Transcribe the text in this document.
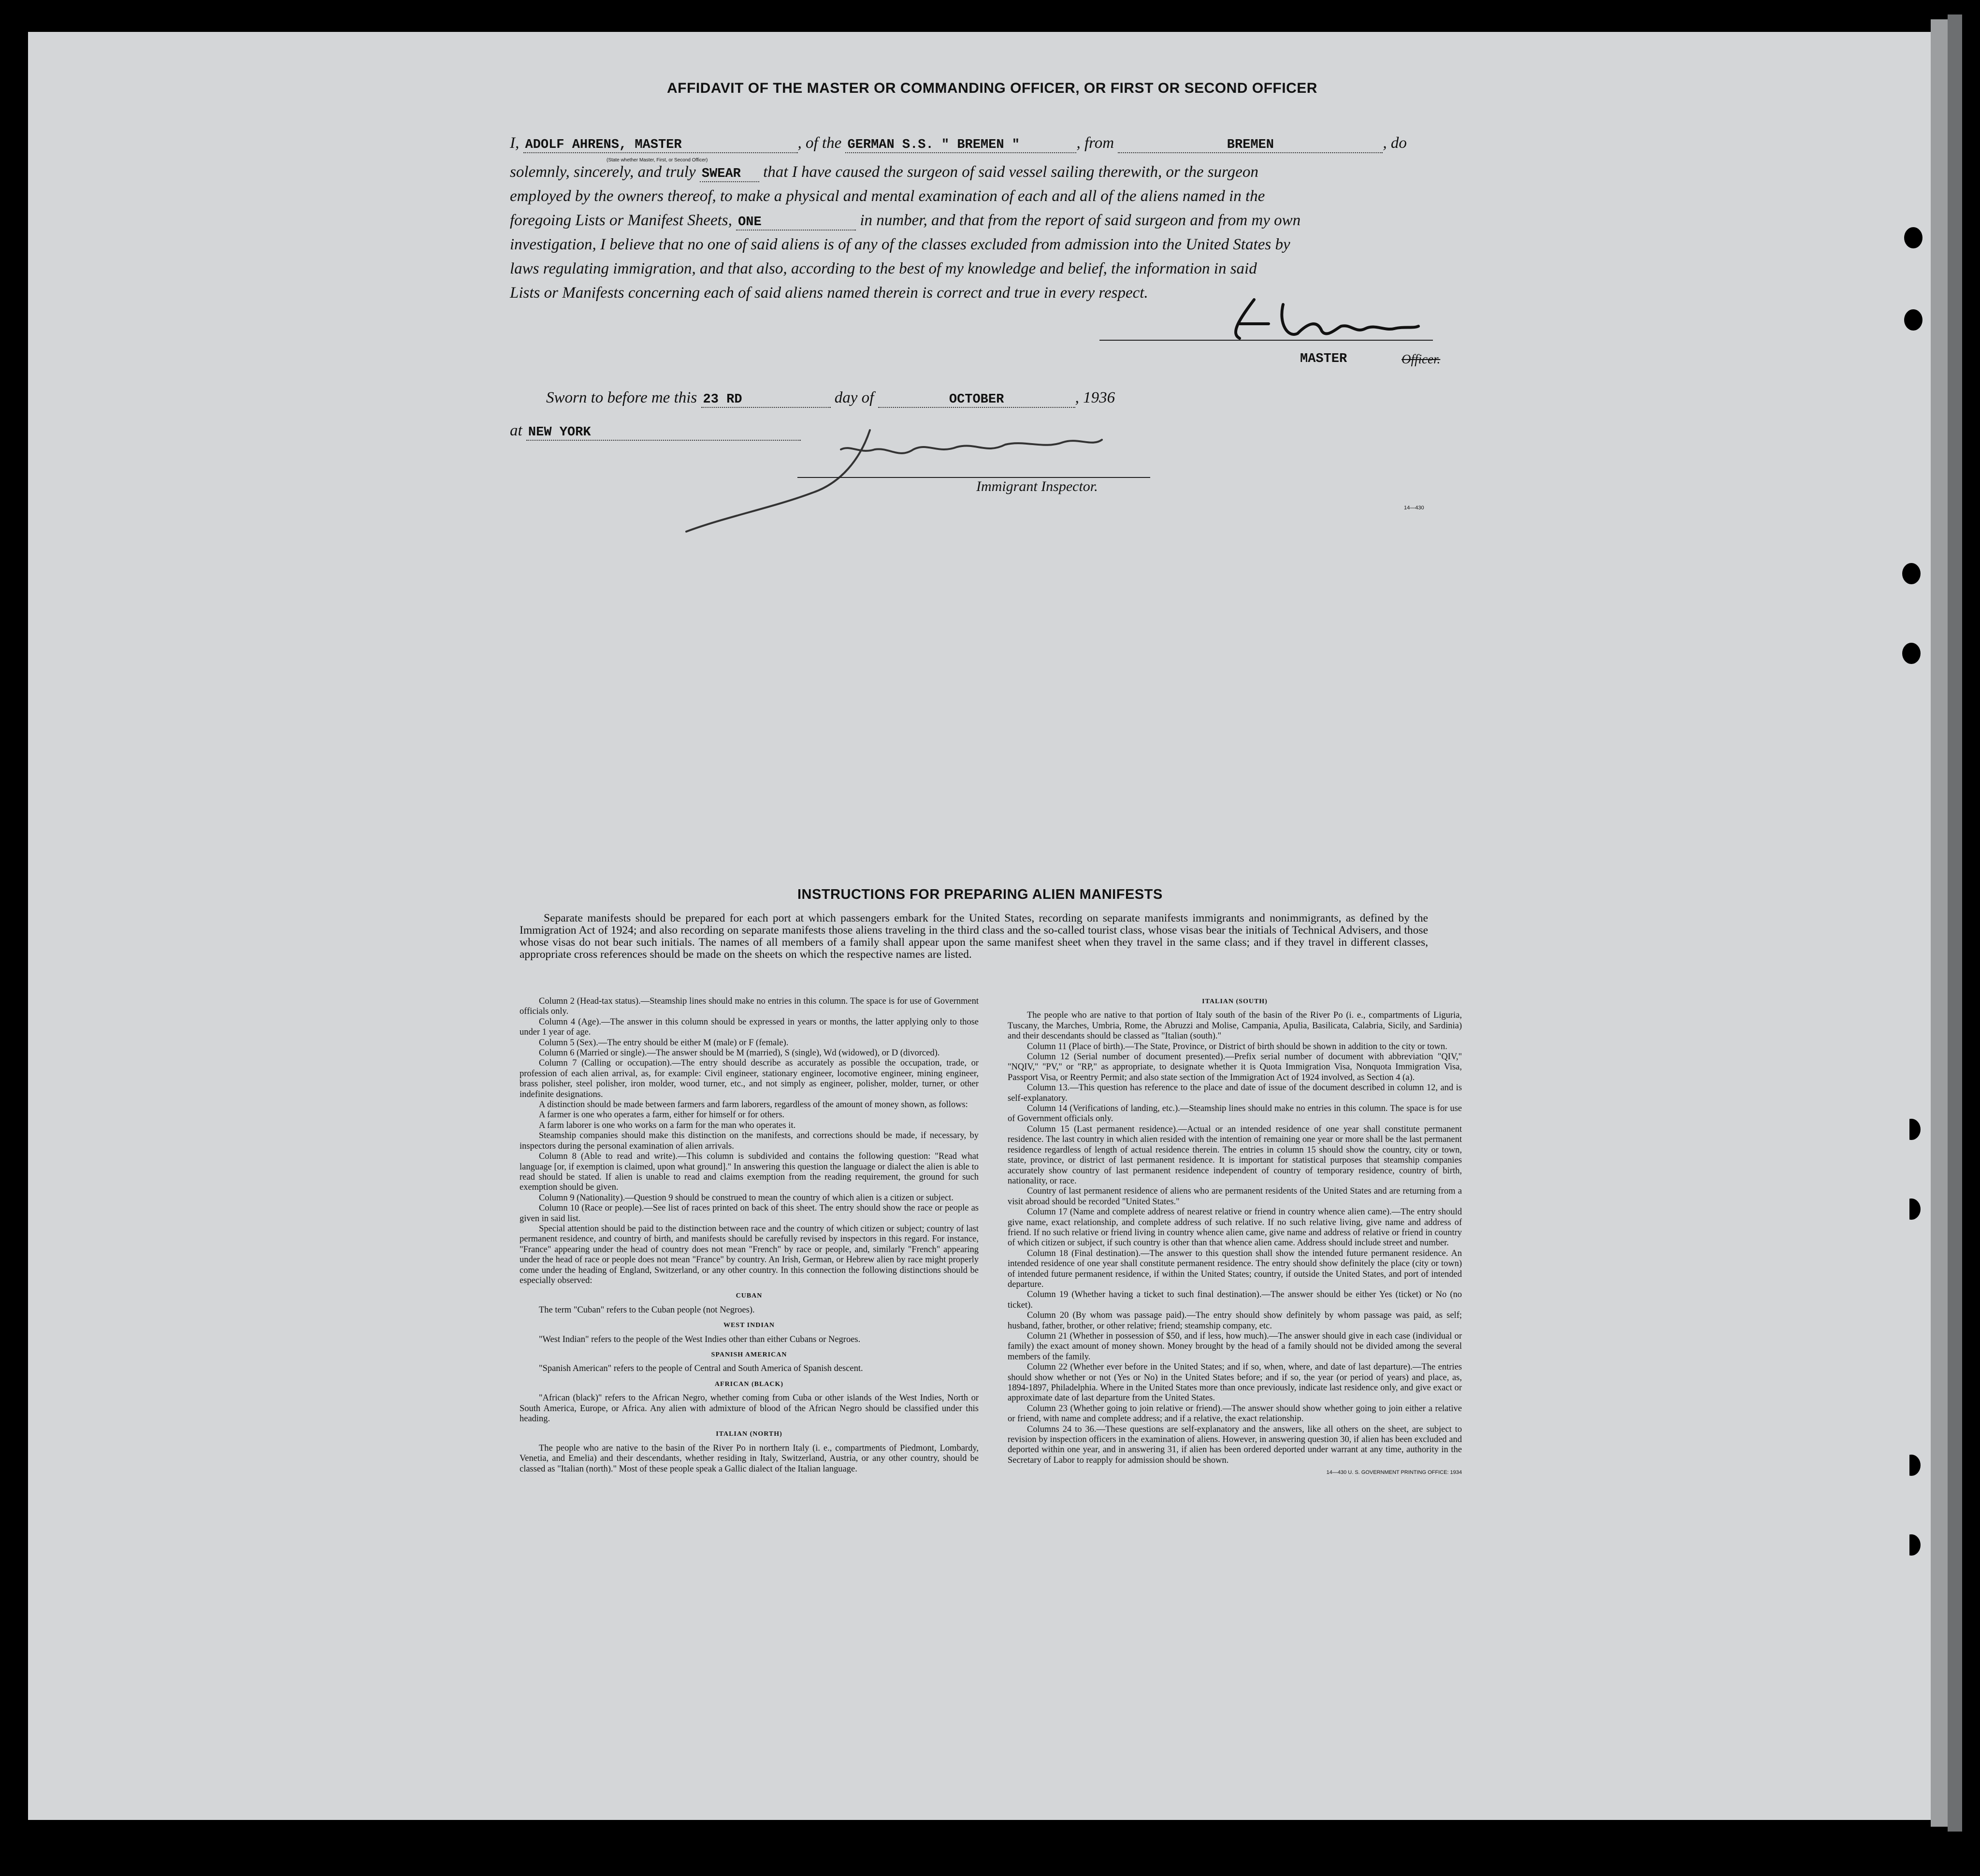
AFFIDAVIT OF THE MASTER OR COMMANDING OFFICER, OR FIRST OR SECOND OFFICER
I, ADOLF AHRENS, MASTER	, of the GERMAN S.S. " BREMEN "	, from	BREMEN	, do
(State whether Master, First, or Second Officer)
solemnly, sincerely, and truly SWEAR that I have caused the surgeon of said vessel sailing therewith, or the surgeon
employed by the owners thereof, to make a physical and mental examination of each and all of the aliens named in the
foregoing Lists or Manifest Sheets, ONE	in number, and that from the report of said surgeon and from my own
investigation, I believe that no one of said aliens is of any of the classes excluded from admission into the United States by
laws regulating immigration, and that also, according to the best of my knowledge and belief, the information in said
Lists or Manifests concerning each of said aliens named therein is correct and true in every respect.
MASTER	Officer.
Sworn to before me this 23 RD	day of	OCTOBER	, 1936
at NEW YORK
Immigrant Inspector.
14—430
INSTRUCTIONS FOR PREPARING ALIEN MANIFESTS

Separate manifests should be prepared for each port at which passengers embark for the United States, recording on separate manifests immigrants and nonimmigrants, as defined by the Immigration Act of 1924; and also recording on separate manifests those aliens traveling in the third class and the so-called tourist class, whose visas bear the initials of Technical Advisers, and those whose visas do not bear such initials. The names of all members of a family shall appear upon the same manifest sheet when they travel in the same class; and if they travel in different classes, appropriate cross references should be made on the sheets on which the respective names are listed.

Column 2 (Head-tax status).—Steamship lines should make no entries in this column. The space is for use of Government officials only.

Column 4 (Age).—The answer in this column should be expressed in years or months, the latter applying only to those under 1 year of age.

Column 5 (Sex).—The entry should be either M (male) or F (female).

Column 6 (Married or single).—The answer should be M (married), S (single), Wd (widowed), or D (divorced).

Column 7 (Calling or occupation).—The entry should describe as accurately as possible the occupation, trade, or profession of each alien arrival, as, for example: Civil engineer, stationary engineer, locomotive engineer, mining engineer, brass polisher, steel polisher, iron molder, wood turner, etc., and not simply as engineer, polisher, molder, turner, or other indefinite designations.

A distinction should be made between farmers and farm laborers, regardless of the amount of money shown, as follows:

A farmer is one who operates a farm, either for himself or for others.

A farm laborer is one who works on a farm for the man who operates it.

Steamship companies should make this distinction on the manifests, and corrections should be made, if necessary, by inspectors during the personal examination of alien arrivals.

Column 8 (Able to read and write).—This column is subdivided and contains the following question: "Read what language [or, if exemption is claimed, upon what ground]." In answering this question the language or dialect the alien is able to read should be stated. If alien is unable to read and claims exemption from the reading requirement, the ground for such exemption should be given.

Column 9 (Nationality).—Question 9 should be construed to mean the country of which alien is a citizen or subject.

Column 10 (Race or people).—See list of races printed on back of this sheet. The entry should show the race or people as given in said list.

Special attention should be paid to the distinction between race and the country of which citizen or subject; country of last permanent residence, and country of birth, and manifests should be carefully revised by inspectors in this regard. For instance, "France" appearing under the head of country does not mean "French" by race or people, and, similarly "French" appearing under the head of race or people does not mean "France" by country. An Irish, German, or Hebrew alien by race might properly come under the heading of England, Switzerland, or any other country. In this connection the following distinctions should be especially observed:

CUBAN

The term "Cuban" refers to the Cuban people (not Negroes).

WEST INDIAN

"West Indian" refers to the people of the West Indies other than either Cubans or Negroes.

SPANISH AMERICAN

"Spanish American" refers to the people of Central and South America of Spanish descent.

AFRICAN (BLACK)

"African (black)" refers to the African Negro, whether coming from Cuba or other islands of the West Indies, North or South America, Europe, or Africa. Any alien with admixture of blood of the African Negro should be classified under this heading.

ITALIAN (NORTH)

The people who are native to the basin of the River Po in northern Italy (i. e., compartments of Piedmont, Lombardy, Venetia, and Emelia) and their descendants, whether residing in Italy, Switzerland, Austria, or any other country, should be classed as "Italian (north)." Most of these people speak a Gallic dialect of the Italian language.

ITALIAN (SOUTH)

The people who are native to that portion of Italy south of the basin of the River Po (i. e., compartments of Liguria, Tuscany, the Marches, Umbria, Rome, the Abruzzi and Molise, Campania, Apulia, Basilicata, Calabria, Sicily, and Sardinia) and their descendants should be classed as "Italian (south)."

Column 11 (Place of birth).—The State, Province, or District of birth should be shown in addition to the city or town.

Column 12 (Serial number of document presented).—Prefix serial number of document with abbreviation "QIV," "NQIV," "PV," or "RP," as appropriate, to designate whether it is Quota Immigration Visa, Nonquota Immigration Visa, Passport Visa, or Reentry Permit; and also state section of the Immigration Act of 1924 involved, as Section 4 (a).

Column 13.—This question has reference to the place and date of issue of the document described in column 12, and is self-explanatory.

Column 14 (Verifications of landing, etc.).—Steamship lines should make no entries in this column. The space is for use of Government officials only.

Column 15 (Last permanent residence).—Actual or an intended residence of one year shall constitute permanent residence. The last country in which alien resided with the intention of remaining one year or more shall be the last permanent residence regardless of length of actual residence therein. The entries in column 15 should show the country, city or town, state, province, or district of last permanent residence. It is important for statistical purposes that steamship companies accurately show country of last permanent residence independent of country of temporary residence, country of birth, nationality, or race.

Country of last permanent residence of aliens who are permanent residents of the United States and are returning from a visit abroad should be recorded "United States."

Column 17 (Name and complete address of nearest relative or friend in country whence alien came).—The entry should give name, exact relationship, and complete address of such relative. If no such relative living, give name and address of friend. If no such relative or friend living in country whence alien came, give name and address of relative or friend in country of which citizen or subject, if such country is other than that whence alien came. Address should include street and number.

Column 18 (Final destination).—The answer to this question shall show the intended future permanent residence. An intended residence of one year shall constitute permanent residence. The entry should show definitely the place (city or town) of intended future permanent residence, if within the United States; country, if outside the United States, and port of intended departure.

Column 19 (Whether having a ticket to such final destination).—The answer should be either Yes (ticket) or No (no ticket).

Column 20 (By whom was passage paid).—The entry should show definitely by whom passage was paid, as self; husband, father, brother, or other relative; friend; steamship company, etc.

Column 21 (Whether in possession of $50, and if less, how much).—The answer should give in each case (individual or family) the exact amount of money shown. Money brought by the head of a family should not be divided among the several members of the family.

Column 22 (Whether ever before in the United States; and if so, when, where, and date of last departure).—The entries should show whether or not (Yes or No) in the United States before; and if so, the year (or period of years) and place, as, 1894-1897, Philadelphia. Where in the United States more than once previously, indicate last residence only, and give exact or approximate date of last departure from the United States.

Column 23 (Whether going to join relative or friend).—The answer should show whether going to join either a relative or friend, with name and complete address; and if a relative, the exact relationship.

Columns 24 to 36.—These questions are self-explanatory and the answers, like all others on the sheet, are subject to revision by inspection officers in the examination of aliens. However, in answering question 30, if alien has been excluded and deported within one year, and in answering 31, if alien has been ordered deported under warrant at any time, authority in the Secretary of Labor to reapply for admission should be shown.

14—430 U. S. GOVERNMENT PRINTING OFFICE: 1934
